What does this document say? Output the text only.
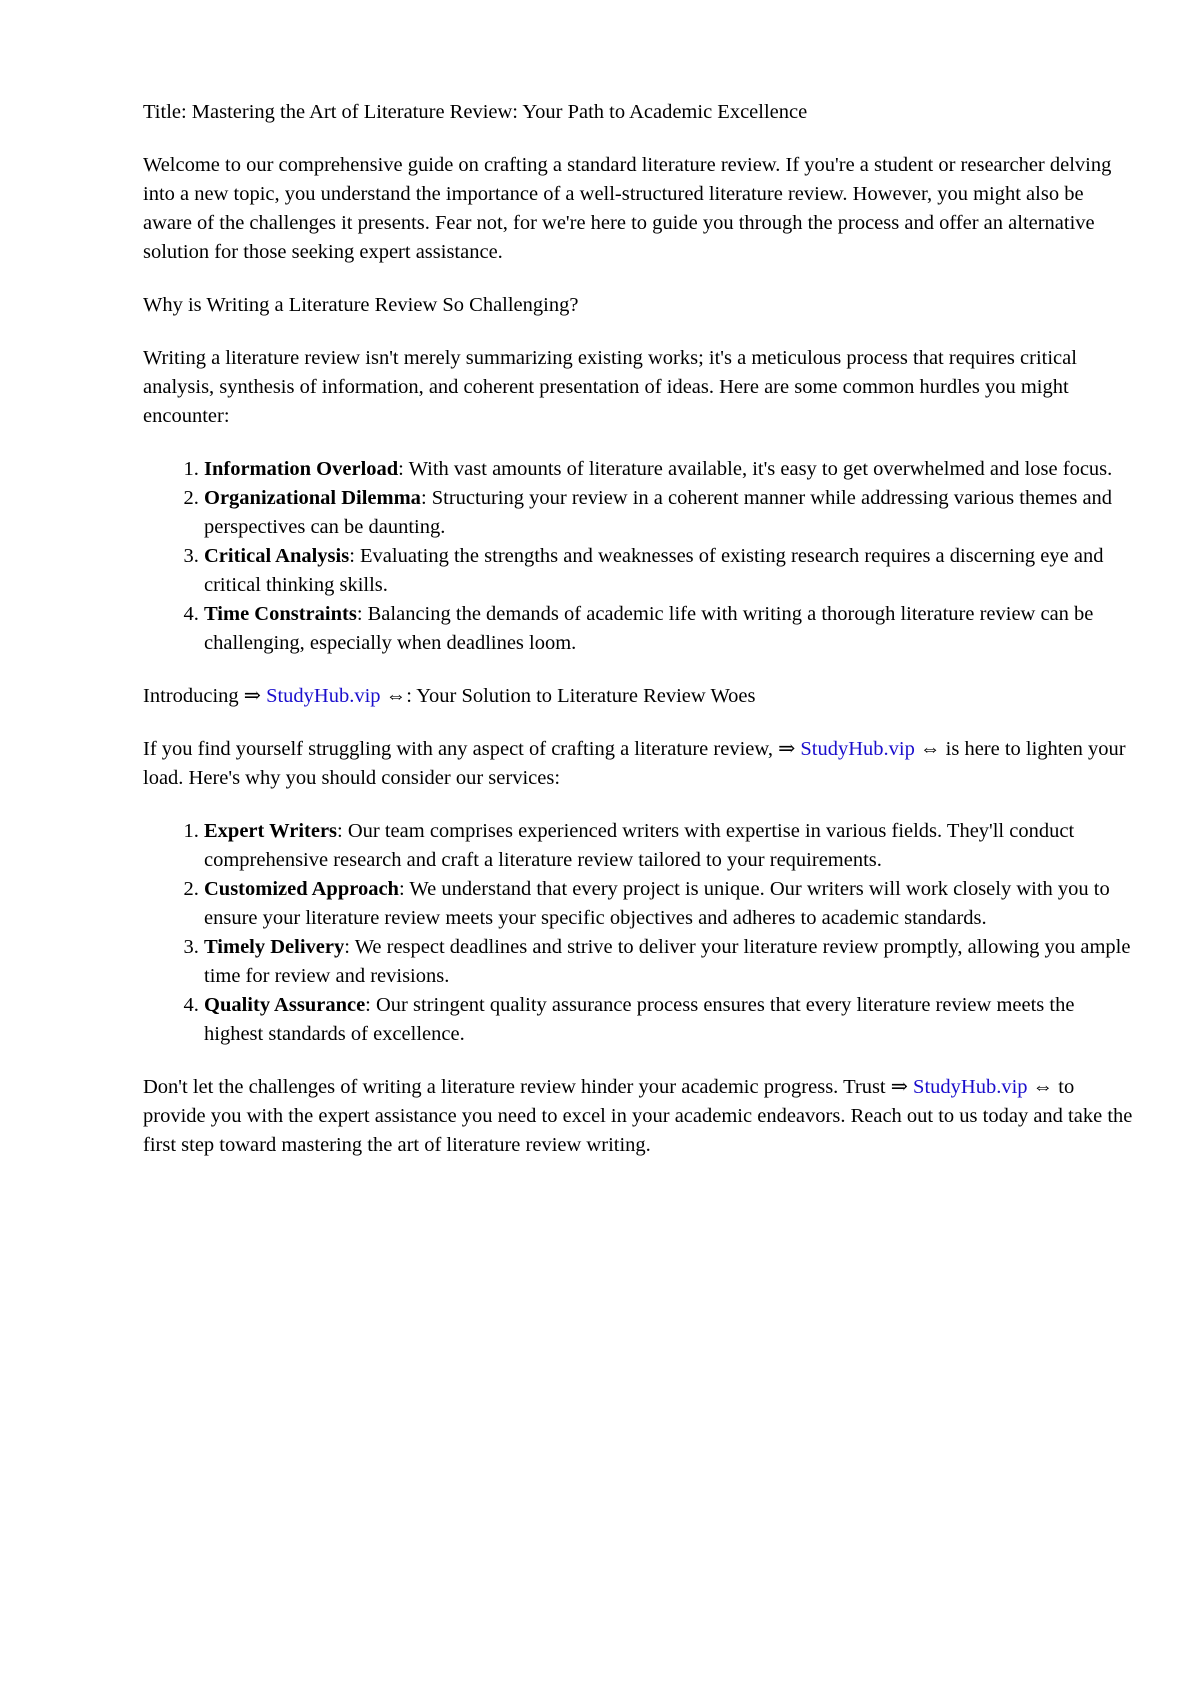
Title: Mastering the Art of Literature Review: Your Path to Academic Excellence

Welcome to our comprehensive guide on crafting a standard literature review. If you're a student or researcher delving into a new topic, you understand the importance of a well-structured literature review. However, you might also be aware of the challenges it presents. Fear not, for we're here to guide you through the process and offer an alternative solution for those seeking expert assistance.

Why is Writing a Literature Review So Challenging?

Writing a literature review isn't merely summarizing existing works; it's a meticulous process that requires critical analysis, synthesis of information, and coherent presentation of ideas. Here are some common hurdles you might encounter:

1. Information Overload: With vast amounts of literature available, it's easy to get overwhelmed and lose focus.
2. Organizational Dilemma: Structuring your review in a coherent manner while addressing various themes and perspectives can be daunting.
3. Critical Analysis: Evaluating the strengths and weaknesses of existing research requires a discerning eye and critical thinking skills.
4. Time Constraints: Balancing the demands of academic life with writing a thorough literature review can be challenging, especially when deadlines loom.

Introducing ⇒ StudyHub.vip ⇔: Your Solution to Literature Review Woes

If you find yourself struggling with any aspect of crafting a literature review, ⇒ StudyHub.vip ⇔ is here to lighten your load. Here's why you should consider our services:

1. Expert Writers: Our team comprises experienced writers with expertise in various fields. They'll conduct comprehensive research and craft a literature review tailored to your requirements.
2. Customized Approach: We understand that every project is unique. Our writers will work closely with you to ensure your literature review meets your specific objectives and adheres to academic standards.
3. Timely Delivery: We respect deadlines and strive to deliver your literature review promptly, allowing you ample time for review and revisions.
4. Quality Assurance: Our stringent quality assurance process ensures that every literature review meets the highest standards of excellence.

Don't let the challenges of writing a literature review hinder your academic progress. Trust ⇒ StudyHub.vip ⇔ to provide you with the expert assistance you need to excel in your academic endeavors. Reach out to us today and take the first step toward mastering the art of literature review writing.
